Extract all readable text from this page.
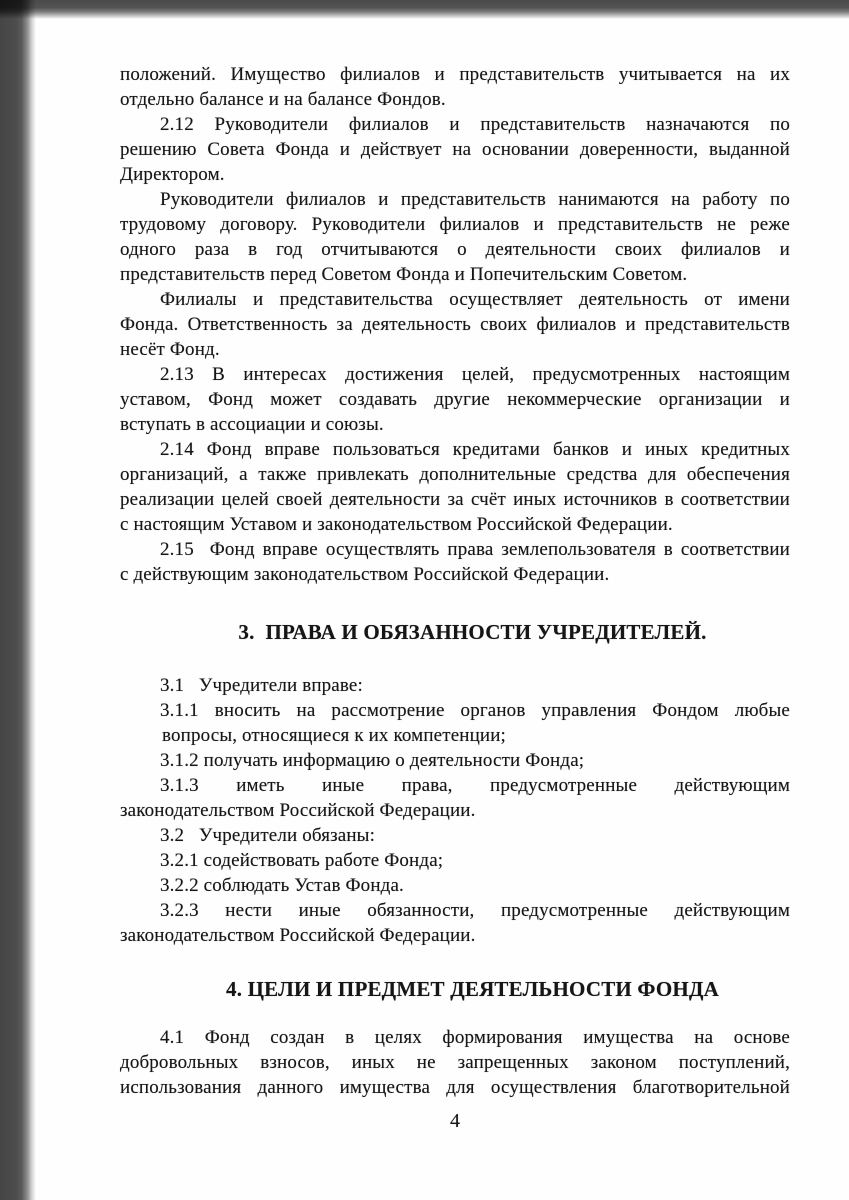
положений. Имущество филиалов и представительств учитывается на их
отдельно балансе и на балансе Фондов.
2.12 Руководители филиалов и представительств назначаются по
решению Совета Фонда и действует на основании доверенности, выданной
Директором.
Руководители филиалов и представительств нанимаются на работу по
трудовому договору. Руководители филиалов и представительств не реже
одного раза в год отчитываются о деятельности своих филиалов и
представительств перед Советом Фонда и Попечительским Советом.
Филиалы и представительства осуществляет деятельность от имени
Фонда. Ответственность за деятельность своих филиалов и представительств
несёт Фонд.
2.13 В интересах достижения целей, предусмотренных настоящим
уставом, Фонд может создавать другие некоммерческие организации и
вступать в ассоциации и союзы.
2.14 Фонд вправе пользоваться кредитами банков и иных кредитных
организаций, а также привлекать дополнительные средства для обеспечения
реализации целей своей деятельности за счёт иных источников в соответствии
с настоящим Уставом и законодательством Российской Федерации.
2.15  Фонд вправе осуществлять права землепользователя в соответствии
с действующим законодательством Российской Федерации.
3.  ПРАВА И ОБЯЗАННОСТИ УЧРЕДИТЕЛЕЙ.
3.1   Учредители вправе:
3.1.1 вносить на рассмотрение органов управления Фондом любые
вопросы, относящиеся к их компетенции;
3.1.2 получать информацию о деятельности Фонда;
3.1.3 иметь иные права, предусмотренные действующим
законодательством Российской Федерации.
3.2   Учредители обязаны:
3.2.1 содействовать работе Фонда;
3.2.2 соблюдать Устав Фонда.
3.2.3 нести иные обязанности, предусмотренные действующим
законодательством Российской Федерации.
4. ЦЕЛИ И ПРЕДМЕТ ДЕЯТЕЛЬНОСТИ ФОНДА
4.1 Фонд создан в целях формирования имущества на основе
добровольных взносов, иных не запрещенных законом поступлений,
использования данного имущества для осуществления благотворительной
4
